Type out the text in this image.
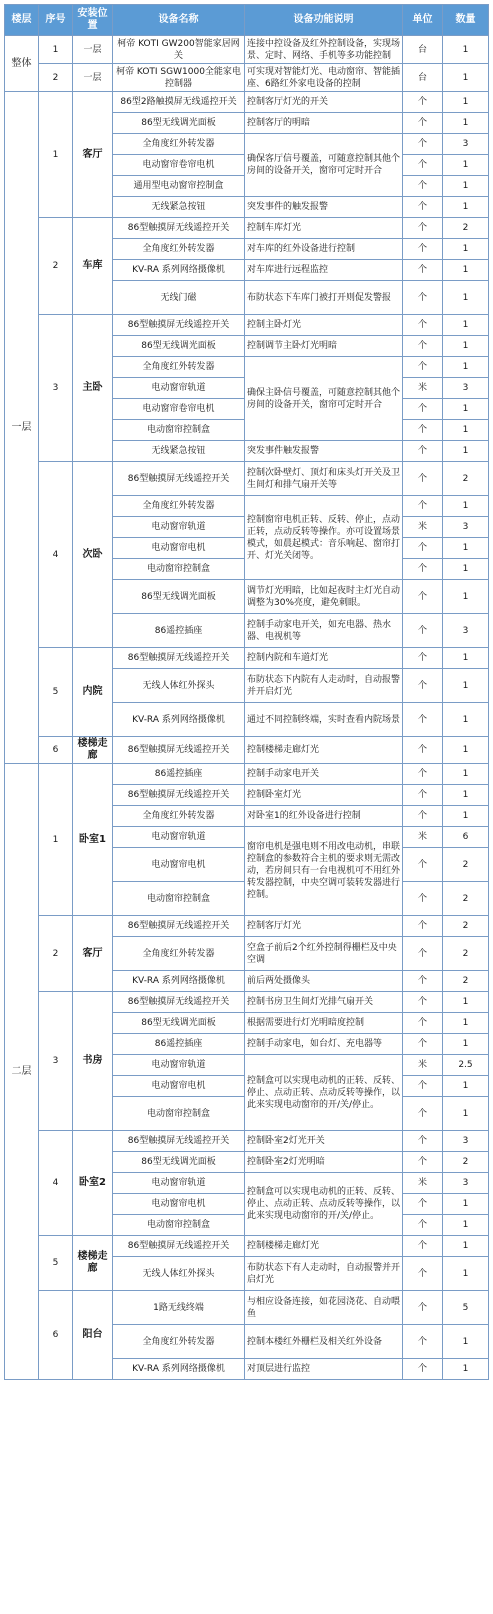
楼层	序号	安装位置	设备名称	设备功能说明	单位	数量
整体	1	一层	柯帝 KOTI GW200智能家居网关	连接中控设备及红外控制设备，实现场景、定时、网络、手机等多功能控制	台	1
	2	一层	柯帝 KOTI SGW1000全能家电控制器	可实现对智能灯光、电动窗帘、智能插座、6路红外家电设备的控制	台	1
一层	1	客厅	86型2路触摸屏无线遥控开关	控制客厅灯光的开关	个	1
			86型无线调光面板	控制客厅的明暗	个	1
			全角度红外转发器	确保客厅信号覆盖，可随意控制其他个房间的设备开关，窗帘可定时开合	个	3
			电动窗帘卷帘电机		个	1
			通用型电动窗帘控制盒		个	1
			无线紧急按钮	突发事件的触发报警	个	1
	2	车库	86型触摸屏无线遥控开关	控制车库灯光	个	2
			全角度红外转发器	对车库的红外设备进行控制	个	1
			KV-RA 系列网络摄像机	对车库进行远程监控	个	1
			无线门磁	布防状态下车库门被打开则促发警报	个	1
	3	主卧	86型触摸屏无线遥控开关	控制主卧灯光	个	1
			86型无线调光面板	控制调节主卧灯光明暗	个	1
			全角度红外转发器	确保主卧信号覆盖，可随意控制其他个房间的设备开关，窗帘可定时开合	个	1
			电动窗帘轨道		米	3
			电动窗帘卷帘电机		个	1
			电动窗帘控制盒		个	1
			无线紧急按钮	突发事件触发报警	个	1
	4	次卧	86型触摸屏无线遥控开关	控制次卧壁灯、顶灯和床头灯开关及卫生间灯和排气扇开关等	个	2
			全角度红外转发器	控制窗帘电机正转、反转、停止，点动正转，点动反转等操作。亦可设置场景模式，如晨起模式：音乐响起、窗帘打开、灯光关闭等。	个	1
			电动窗帘轨道		米	3
			电动窗帘电机		个	1
			电动窗帘控制盒		个	1
			86型无线调光面板	调节灯光明暗，比如起夜时主灯光自动调整为30%亮度，避免刺眼。	个	1
			86遥控插座	控制手动家电开关，如充电器、热水器、电视机等	个	3
	5	内院	86型触摸屏无线遥控开关	控制内院和车道灯光	个	1
			无线人体红外探头	布防状态下内院有人走动时，自动报警并开启灯光	个	1
			KV-RA 系列网络摄像机	通过不同控制终端，实时查看内院场景	个	1
	6	楼梯走廊	86型触摸屏无线遥控开关	控制楼梯走廊灯光	个	1
二层	1	卧室1	86遥控插座	控制手动家电开关	个	1
			86型触摸屏无线遥控开关	控制卧室灯光	个	1
			全角度红外转发器	对卧室1的红外设备进行控制	个	1
			电动窗帘轨道	窗帘电机是强电则不用改电动机，串联控制盒的参数符合主机的要求则无需改动，若房间只有一台电视机可不用红外转发器控制，中央空调可装转发器进行控制。	米	6
			电动窗帘电机		个	2
			电动窗帘控制盒		个	2
	2	客厅	86型触摸屏无线遥控开关	控制客厅灯光	个	2
			全角度红外转发器	空盒子前后2个红外控制得栅栏及中央空调	个	2
			KV-RA 系列网络摄像机	前后两处摄像头	个	2
	3	书房	86型触摸屏无线遥控开关	控制书房卫生间灯光排气扇开关	个	1
			86型无线调光面板	根据需要进行灯光明暗度控制	个	1
			86遥控插座	控制手动家电，如台灯、充电器等	个	1
			电动窗帘轨道	控制盒可以实现电动机的正转、反转、停止、点动正转、点动反转等操作，以此来实现电动窗帘的开/关/停止。	米	2.5
			电动窗帘电机		个	1
			电动窗帘控制盒		个	1
	4	卧室2	86型触摸屏无线遥控开关	控制卧室2灯光开关	个	3
			86型无线调光面板	控制卧室2灯光明暗	个	2
			电动窗帘轨道	控制盒可以实现电动机的正转、反转、停止、点动正转、点动反转等操作，以此来实现电动窗帘的开/关/停止。	米	3
			电动窗帘电机		个	1
			电动窗帘控制盒		个	1
	5	楼梯走廊	86型触摸屏无线遥控开关	控制楼梯走廊灯光	个	1
			无线人体红外探头	布防状态下有人走动时，自动报警并开启灯光	个	1
	6	阳台	1路无线终端	与相应设备连接，如花园浇花、自动喂鱼	个	5
			全角度红外转发器	控制本楼红外栅栏及相关红外设备	个	1
			KV-RA 系列网络摄像机	对顶层进行监控	个	1
